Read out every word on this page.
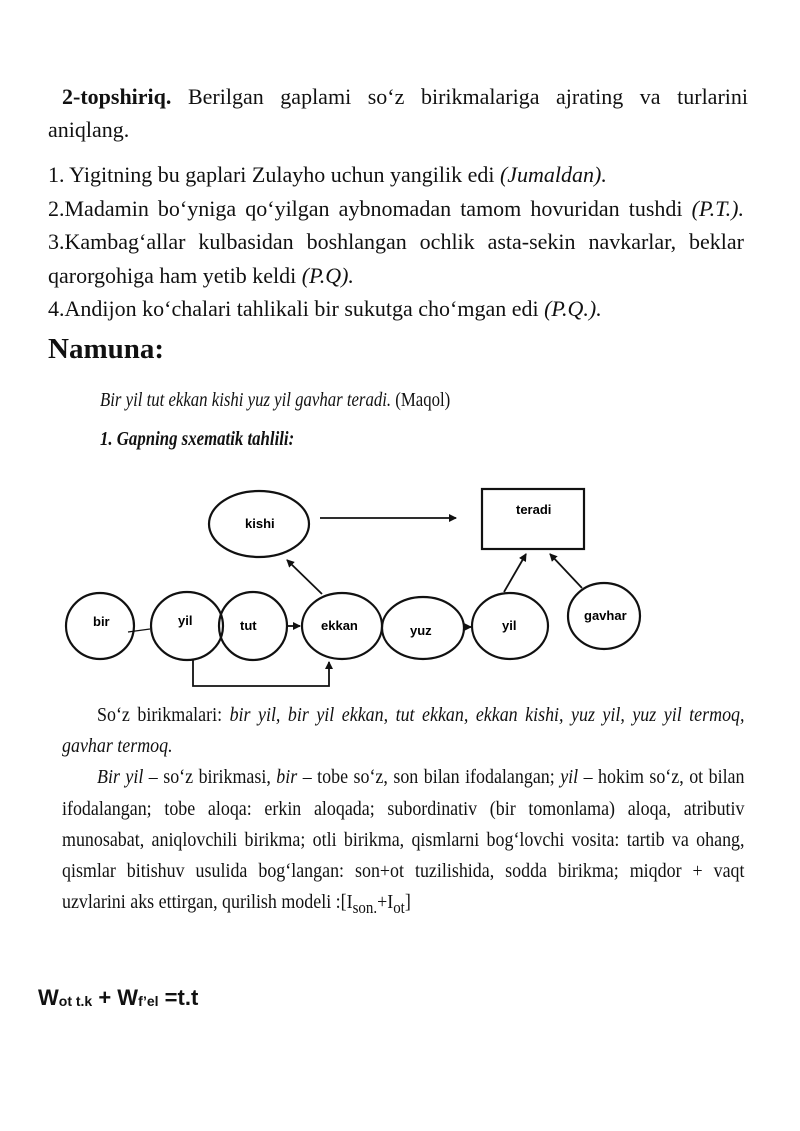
2-topshiriq. Berilgan gaplami so‘z birikmalariga ajrating va turlarini aniqlang.

1. Yigitning bu gaplari Zulayho uchun yangilik edi (Jumaldan).
2.Madamin bo‘yniga qo‘yilgan aybnomadan tamom hovuridan tushdi (P.T.). 3.Kambag‘allar kulbasidan boshlangan ochlik asta-sekin navkarlar, beklar qarorgohiga ham yetib keldi (P.Q).
4.Andijon ko‘chalari tahlikali bir sukutga cho‘mgan edi (P.Q.).

Namuna:
Bir yil tut ekkan kishi yuz yil gavhar teradi. (Maqol)
1. Gapning sxematik tahlili:
bir	yil	tut	ekkan	yuz	yil
gavhar
kishi
teradi

So‘z birikmalari: bir yil, bir yil ekkan, tut ekkan, ekkan kishi, yuz yil, yuz yil termoq, gavhar termoq.

Bir yil – so‘z birikmasi, bir – tobe so‘z, son bilan ifodalangan; yil – hokim so‘z, ot bilan ifodalangan; tobe aloqa: erkin aloqada; subordinativ (bir tomonlama) aloqa, atributiv munosabat, aniqlovchili birikma; otli birikma, qismlarni bog‘lovchi vosita: tartib va ohang, qismlar bitishuv usulida bog‘langan: son+ot tuzilishida, sodda birikma; miqdor + vaqt uzvlarini aks ettirgan, qurilish modeli $:[I_{son.}+I_{ot}]$

$W_{ot t.k} + W_{f’el} =t.t$
